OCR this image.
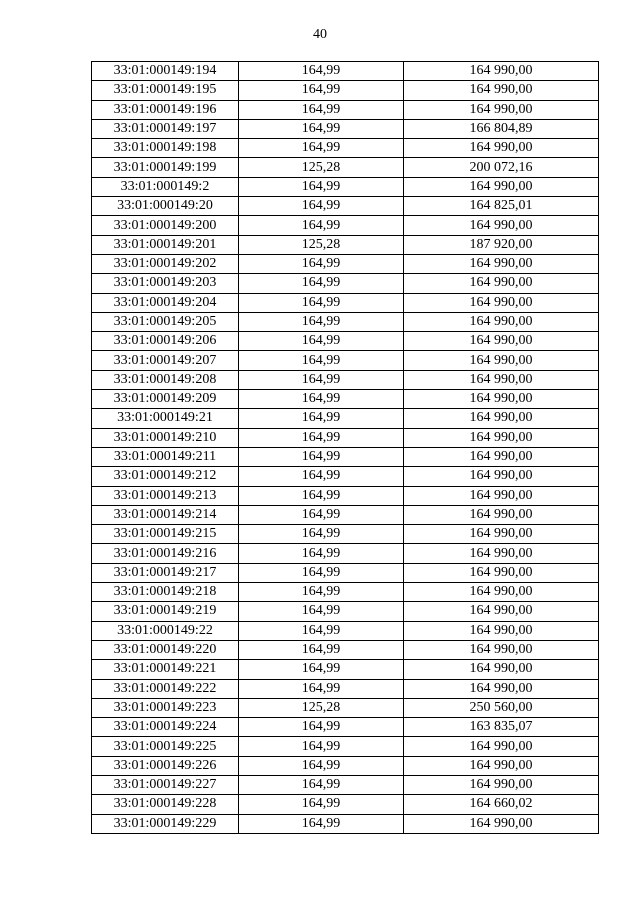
40
33:01:000149:194	164,99	164 990,00
33:01:000149:195	164,99	164 990,00
33:01:000149:196	164,99	164 990,00
33:01:000149:197	164,99	166 804,89
33:01:000149:198	164,99	164 990,00
33:01:000149:199	125,28	200 072,16
33:01:000149:2	164,99	164 990,00
33:01:000149:20	164,99	164 825,01
33:01:000149:200	164,99	164 990,00
33:01:000149:201	125,28	187 920,00
33:01:000149:202	164,99	164 990,00
33:01:000149:203	164,99	164 990,00
33:01:000149:204	164,99	164 990,00
33:01:000149:205	164,99	164 990,00
33:01:000149:206	164,99	164 990,00
33:01:000149:207	164,99	164 990,00
33:01:000149:208	164,99	164 990,00
33:01:000149:209	164,99	164 990,00
33:01:000149:21	164,99	164 990,00
33:01:000149:210	164,99	164 990,00
33:01:000149:211	164,99	164 990,00
33:01:000149:212	164,99	164 990,00
33:01:000149:213	164,99	164 990,00
33:01:000149:214	164,99	164 990,00
33:01:000149:215	164,99	164 990,00
33:01:000149:216	164,99	164 990,00
33:01:000149:217	164,99	164 990,00
33:01:000149:218	164,99	164 990,00
33:01:000149:219	164,99	164 990,00
33:01:000149:22	164,99	164 990,00
33:01:000149:220	164,99	164 990,00
33:01:000149:221	164,99	164 990,00
33:01:000149:222	164,99	164 990,00
33:01:000149:223	125,28	250 560,00
33:01:000149:224	164,99	163 835,07
33:01:000149:225	164,99	164 990,00
33:01:000149:226	164,99	164 990,00
33:01:000149:227	164,99	164 990,00
33:01:000149:228	164,99	164 660,02
33:01:000149:229	164,99	164 990,00
